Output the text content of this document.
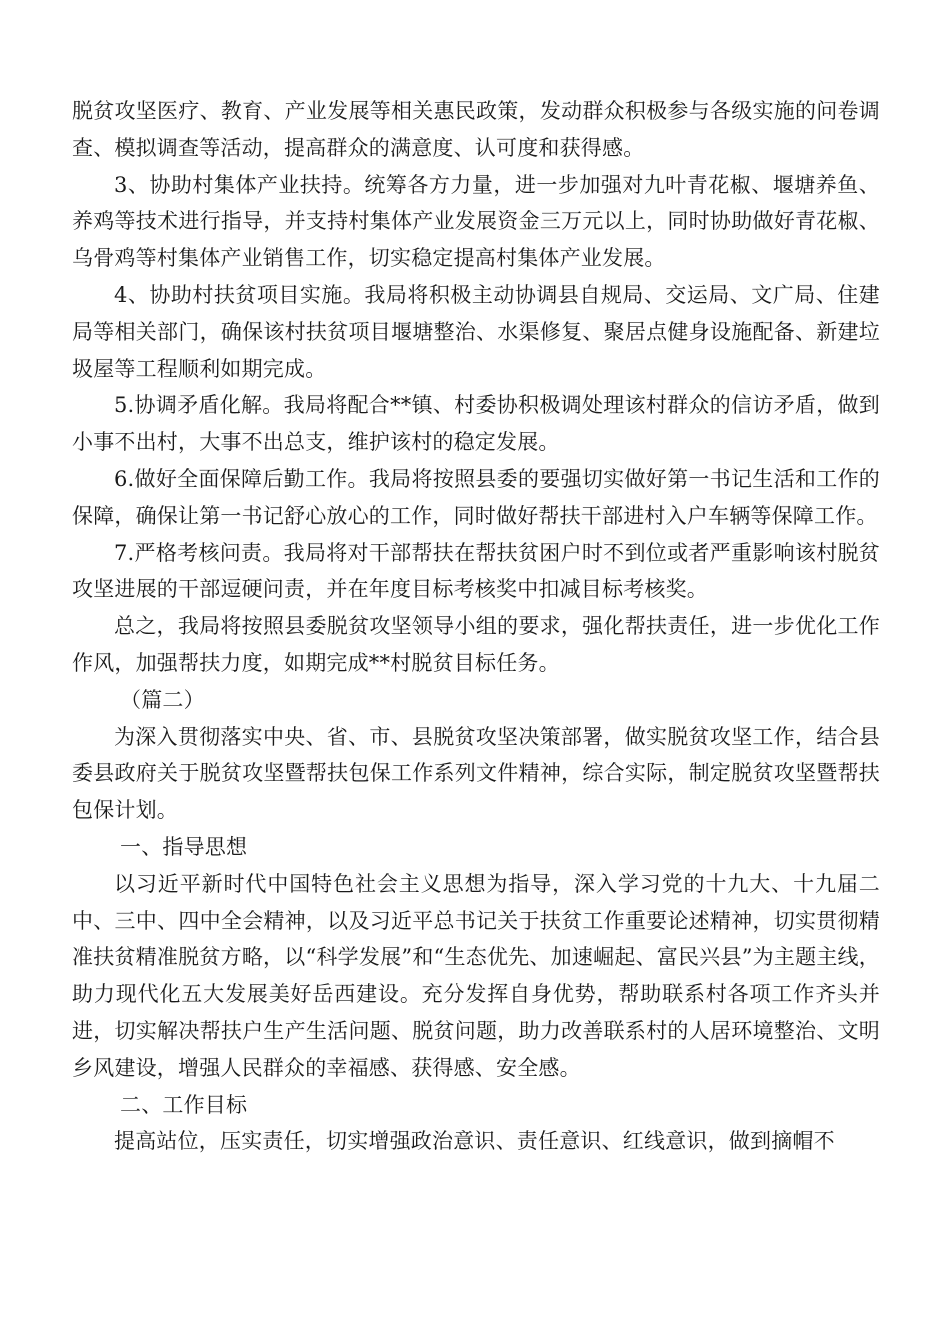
脱贫攻坚医疗、教育、产业发展等相关惠民政策，发动群众积极参与各级实施的问卷调查、模拟调查等活动，提高群众的满意度、认可度和获得感。

3、协助村集体产业扶持。统筹各方力量，进一步加强对九叶青花椒、堰塘养鱼、养鸡等技术进行指导，并支持村集体产业发展资金三万元以上，同时协助做好青花椒、乌骨鸡等村集体产业销售工作，切实稳定提高村集体产业发展。

4、协助村扶贫项目实施。我局将积极主动协调县自规局、交运局、文广局、住建局等相关部门，确保该村扶贫项目堰塘整治、水渠修复、聚居点健身设施配备、新建垃圾屋等工程顺利如期完成。

5.协调矛盾化解。我局将配合**镇、村委协积极调处理该村群众的信访矛盾，做到小事不出村，大事不出总支，维护该村的稳定发展。

6.做好全面保障后勤工作。我局将按照县委的要强切实做好第一书记生活和工作的保障，确保让第一书记舒心放心的工作，同时做好帮扶干部进村入户车辆等保障工作。

7.严格考核问责。我局将对干部帮扶在帮扶贫困户时不到位或者严重影响该村脱贫攻坚进展的干部逗硬问责，并在年度目标考核奖中扣减目标考核奖。

总之，我局将按照县委脱贫攻坚领导小组的要求，强化帮扶责任，进一步优化工作作风，加强帮扶力度，如期完成**村脱贫目标任务。

（篇二）

为深入贯彻落实中央、省、市、县脱贫攻坚决策部署，做实脱贫攻坚工作，结合县委县政府关于脱贫攻坚暨帮扶包保工作系列文件精神，综合实际，制定脱贫攻坚暨帮扶包保计划。

一、指导思想

以习近平新时代中国特色社会主义思想为指导，深入学习党的十九大、十九届二中、三中、四中全会精神，以及习近平总书记关于扶贫工作重要论述精神，切实贯彻精准扶贫精准脱贫方略，以“科学发展”和“生态优先、加速崛起、富民兴县”为主题主线，助力现代化五大发展美好岳西建设。充分发挥自身优势，帮助联系村各项工作齐头并进，切实解决帮扶户生产生活问题、脱贫问题，助力改善联系村的人居环境整治、文明乡风建设，增强人民群众的幸福感、获得感、安全感。

二、工作目标

提高站位，压实责任，切实增强政治意识、责任意识、红线意识，做到摘帽不
